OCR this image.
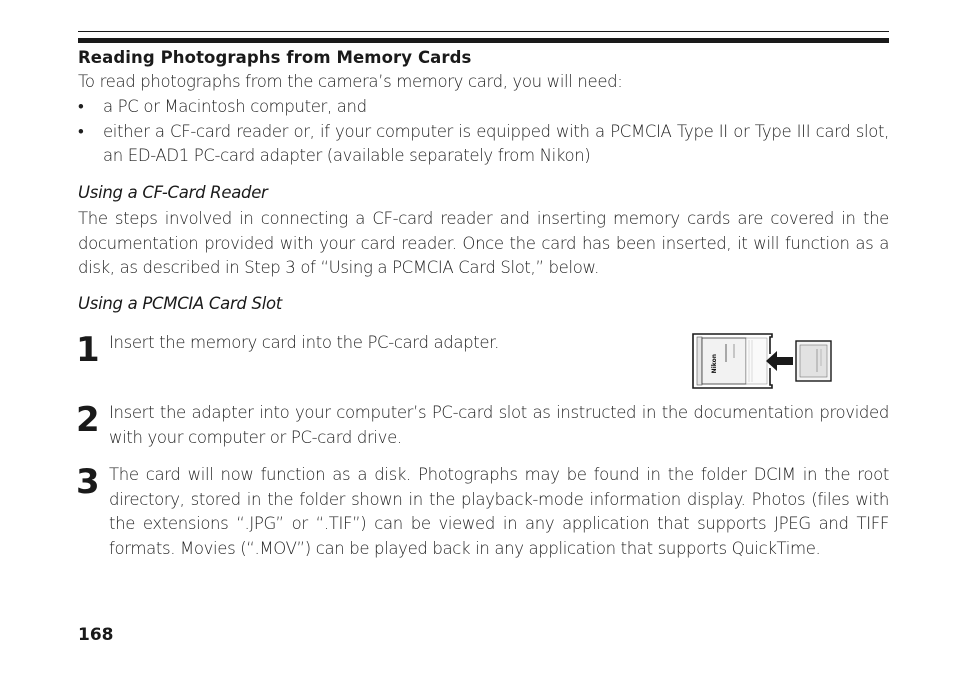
Reading Photographs from Memory Cards
To read photographs from the camera’s memory card, you will need:
• a PC or Macintosh computer, and
• either a CF-card reader or, if your computer is equipped with a PCMCIA Type II or Type III card slot, an ED-AD1 PC-card adapter (available separately from Nikon)
Using a CF-Card Reader
The steps involved in connecting a CF-card reader and inserting memory cards are covered in the documentation provided with your card reader. Once the card has been inserted, it will function as a disk, as described in Step 3 of “Using a PCMCIA Card Slot,” below.
Using a PCMCIA Card Slot
1 Insert the memory card into the PC-card adapter.
Nikon
2 Insert the adapter into your computer’s PC-card slot as instructed in the documentation provided with your computer or PC-card drive.
3 The card will now function as a disk. Photographs may be found in the folder DCIM in the root directory, stored in the folder shown in the playback-mode information display. Photos (files with the extensions “.JPG” or “.TIF”) can be viewed in any application that supports JPEG and TIFF formats. Movies (“.MOV”) can be played back in any application that supports QuickTime.
168
